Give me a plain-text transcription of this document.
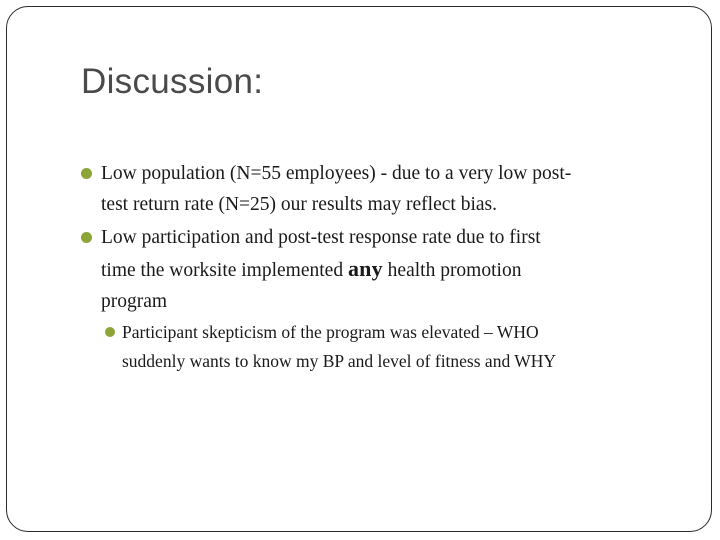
Discussion:
Low population (N=55 employees) - due to a very low post-
test return rate (N=25) our results may reflect bias.
Low participation and post-test response rate due to first
time the worksite implemented any health promotion
program
Participant skepticism of the program was elevated – WHO
suddenly wants to know my BP and level of fitness and WHY
